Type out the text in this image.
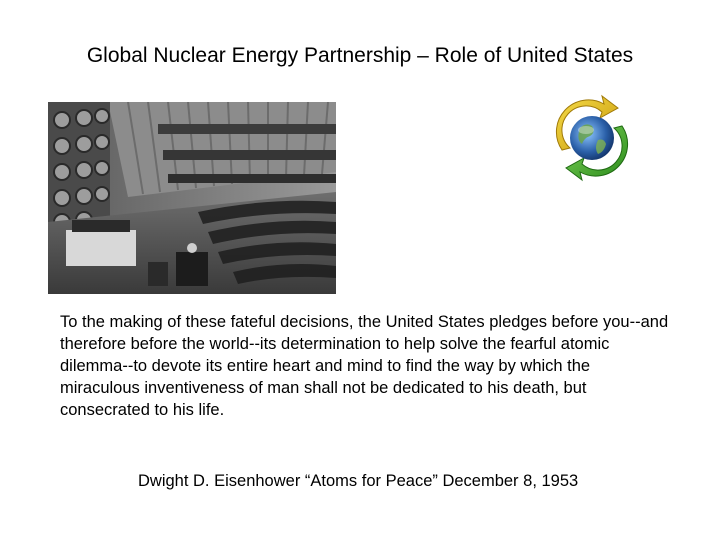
Global Nuclear Energy Partnership – Role of United States
To the making of these fateful decisions, the United States pledges before you--and therefore before the world--its determination to help solve the fearful atomic dilemma--to devote its entire heart and mind to find the way by which the miraculous inventiveness of man shall not be dedicated to his death, but consecrated to his life.
Dwight D. Eisenhower “Atoms for Peace” December 8, 1953
